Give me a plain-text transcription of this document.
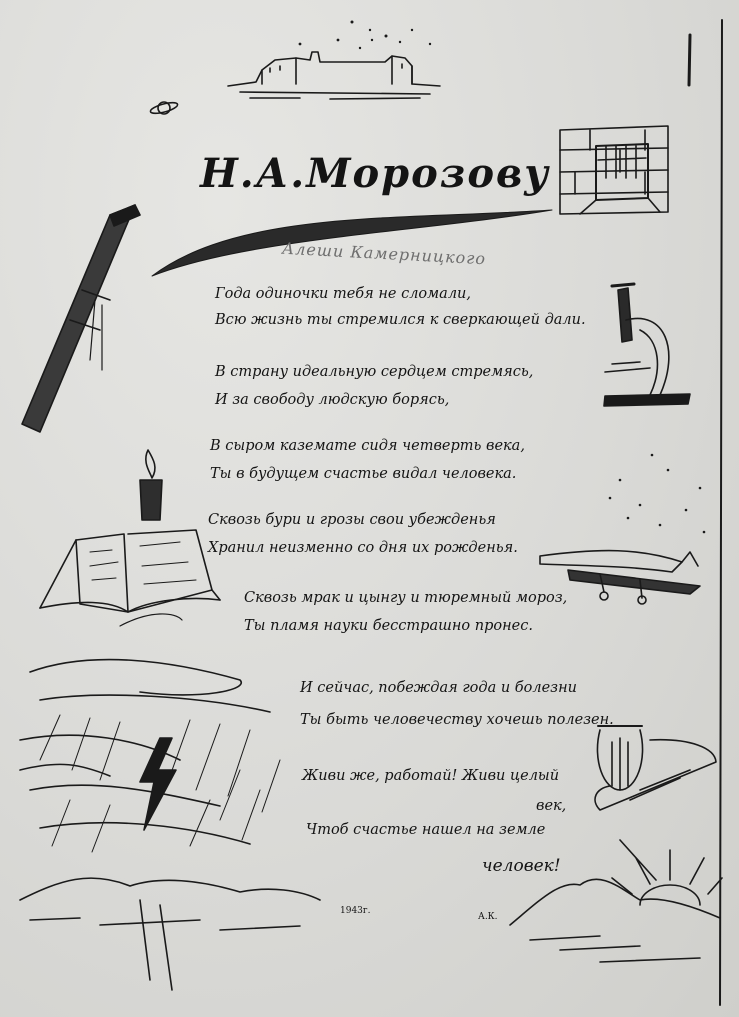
Н.А.Морозову
Алеши Камерницкого
Года одиночки тебя не сломали,
Всю жизнь ты стремился к сверкающей дали.
В страну идеальную сердцем стремясь,
И за свободу людскую борясь,
В сыром каземате сидя четверть века,
Ты в будущем счастье видал человека.
Сквозь бури и грозы свои убежденья
Хранил неизменно со дня их рожденья.
Сквозь мрак и цынгу и тюремный мороз,
Ты пламя науки бесстрашно пронес.
И сейчас, побеждая года и болезни
Ты быть человечеству хочешь полезен.
Живи же, работай! Живи целый
век,
Чтоб счастье нашел на земле
человек!
1943г.
А.К.
